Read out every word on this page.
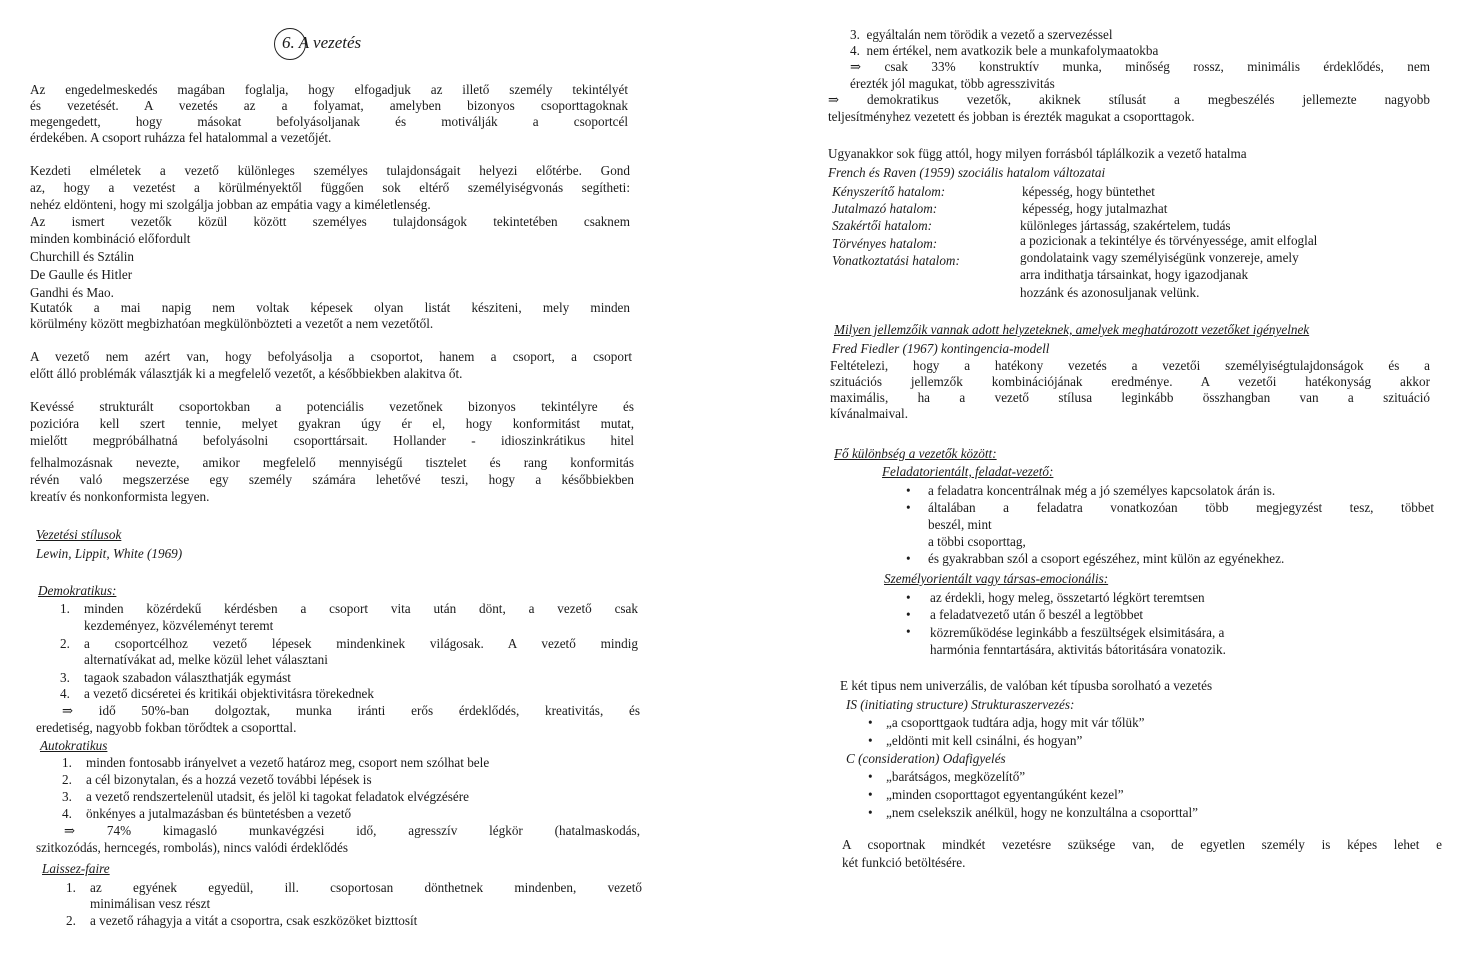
6. A vezetés
Az engedelmeskedés magában foglalja, hogy elfogadjuk az illető személy tekintélyét
és vezetését. A vezetés az a folyamat, amelyben bizonyos csoporttagoknak
megengedett, hogy másokat befolyásoljanak és motiválják a csoportcél
érdekében. A csoport ruházza fel hatalommal a vezetőjét.
Kezdeti elméletek a vezető különleges személyes tulajdonságait helyezi előtérbe. Gond
az, hogy a vezetést a körülményektől függően sok eltérő személyiségvonás segítheti:
nehéz eldönteni, hogy mi szolgálja jobban az empátia vagy a kiméletlenség.
Az ismert vezetők közül között személyes tulajdonságok tekintetében csaknem
minden kombináció előfordult
Churchill és Sztálin
De Gaulle és Hitler
Gandhi és Mao.
Kutatók a mai napig nem voltak képesek olyan listát késziteni, mely minden
körülmény között megbizhatóan megkülönbözteti a vezetőt a nem vezetőtől.
A vezető nem azért van, hogy befolyásolja a csoportot, hanem a csoport, a csoport
előtt álló problémák választják ki a megfelelő vezetőt, a későbbiekben alakitva őt.
Kevéssé strukturált csoportokban a potenciális vezetőnek bizonyos tekintélyre és
pozicióra kell szert tennie, melyet gyakran úgy ér el, hogy konformitást mutat,
mielőtt megpróbálhatná befolyásolni csoporttársait. Hollander - idioszinkrátikus hitel
felhalmozásnak nevezte, amikor megfelelő mennyiségű tisztelet és rang konformitás
révén való megszerzése egy személy számára lehetővé teszi, hogy a későbbiekben
kreatív és nonkonformista legyen.
Vezetési stílusok
Lewin, Lippit, White (1969)
Demokratikus:
1. minden közérdekű kérdésben a csoport vita után dönt, a vezető csak
kezdeményez, közvéleményt teremt
2. a csoportcélhoz vezető lépesek mindenkinek világosak. A vezető mindig
alternatívákat ad, melke közül lehet választani
3. tagaok szabadon választhatják egymást
4. a vezető dicséretei és kritikái objektivitásra törekednek
⇒ idő 50%-ban dolgoztak, munka iránti erős érdeklődés, kreativitás, és
eredetiség, nagyobb fokban törődtek a csoporttal.
Autokratikus
1. minden fontosabb irányelvet a vezető határoz meg, csoport nem szólhat bele
2. a cél bizonytalan, és a hozzá vezető további lépések is
3. a vezető rendszertelenül utadsit, és jelöl ki tagokat feladatok elvégzésére
4. önkényes a jutalmazásban és büntetésben a vezető
⇒ 74% kimagasló munkavégzési idő, agresszív légkör (hatalmaskodás,
szitkozódás, herncegés, rombolás), nincs valódi érdeklődés
Laissez-faire
1. az egyének egyedül, ill. csoportosan dönthetnek mindenben, vezető
minimálisan vesz részt
2. a vezető ráhagyja a vitát a csoportra, csak eszközöket bizttosít
3.  egyáltalán nem törödik a vezető a szervezéssel
4.  nem értékel, nem avatkozik bele a munkafolymaatokba
⇒ csak 33% konstruktív munka, minőség rossz, minimális érdeklődés, nem
érezték jól magukat, több agresszivitás
⇒ demokratikus vezetők, akiknek stílusát a megbeszélés jellemezte nagyobb
teljesítményhez vezetett és jobban is érezték magukat a csoporttagok.
Ugyanakkor sok függ attól, hogy milyen forrásból táplálkozik a vezető hatalma
French és Raven (1959) szociális hatalom változatai
Kényszerítő hatalom:	képesség, hogy büntethet
Jutalmazó hatalom:	képesség, hogy jutalmazhat
Szakértői hatalom:	különleges jártasság, szakértelem, tudás
Törvényes hatalom:	a pozicionak a tekintélye és törvényessége, amit elfoglal
Vonatkoztatási hatalom:	gondolataink vagy személyiségünk vonzereje, amely
arra indithatja társainkat, hogy igazodjanak
hozzánk és azonosuljanak velünk.
Milyen jellemzőik vannak adott helyzeteknek, amelyek meghatározott vezetőket igényelnek
Fred Fiedler (1967) kontingencia-modell
Feltételezi, hogy a hatékony vezetés a vezetői személyiségtulajdonságok és a
szituációs jellemzők kombinációjának eredménye. A vezetői hatékonyság akkor
maximális, ha a vezető stílusa leginkább összhangban van a szituáció
kívánalmaival.
Fő különbség a vezetők között:
Feladatorientált, feladat-vezető:
• a feladatra koncentrálnak még a jó személyes kapcsolatok árán is.
• általában a feladatra vonatkozóan több megjegyzést tesz, többet
beszél, mint
a többi csoporttag,
• és gyakrabban szól a csoport egészéhez, mint külön az egyénekhez.
Személyorientált vagy társas-emocionális:
• az érdekli, hogy meleg, összetartó légkört teremtsen
• a feladatvezető után ő beszél a legtöbbet
• közreműködése leginkább a feszültségek elsimitására, a harmónia fenntartására, aktivitás bátoritására vonatozik.
E két tipus nem univerzális, de valóban két típusba sorolható a vezetés
IS (initiating structure) Strukturaszervezés:
• „a csoporttgaok tudtára adja, hogy mit vár tőlük”
• „eldönti mit kell csinálni, és hogyan”
C (consideration) Odafigyelés
• „barátságos, megközelítő”
• „minden csoporttagot egyentangúként kezel”
• „nem cselekszik anélkül, hogy ne konzultálna a csoporttal”
A csoportnak mindkét vezetésre szüksége van, de egyetlen személy is képes lehet e
két funkció betöltésére.
